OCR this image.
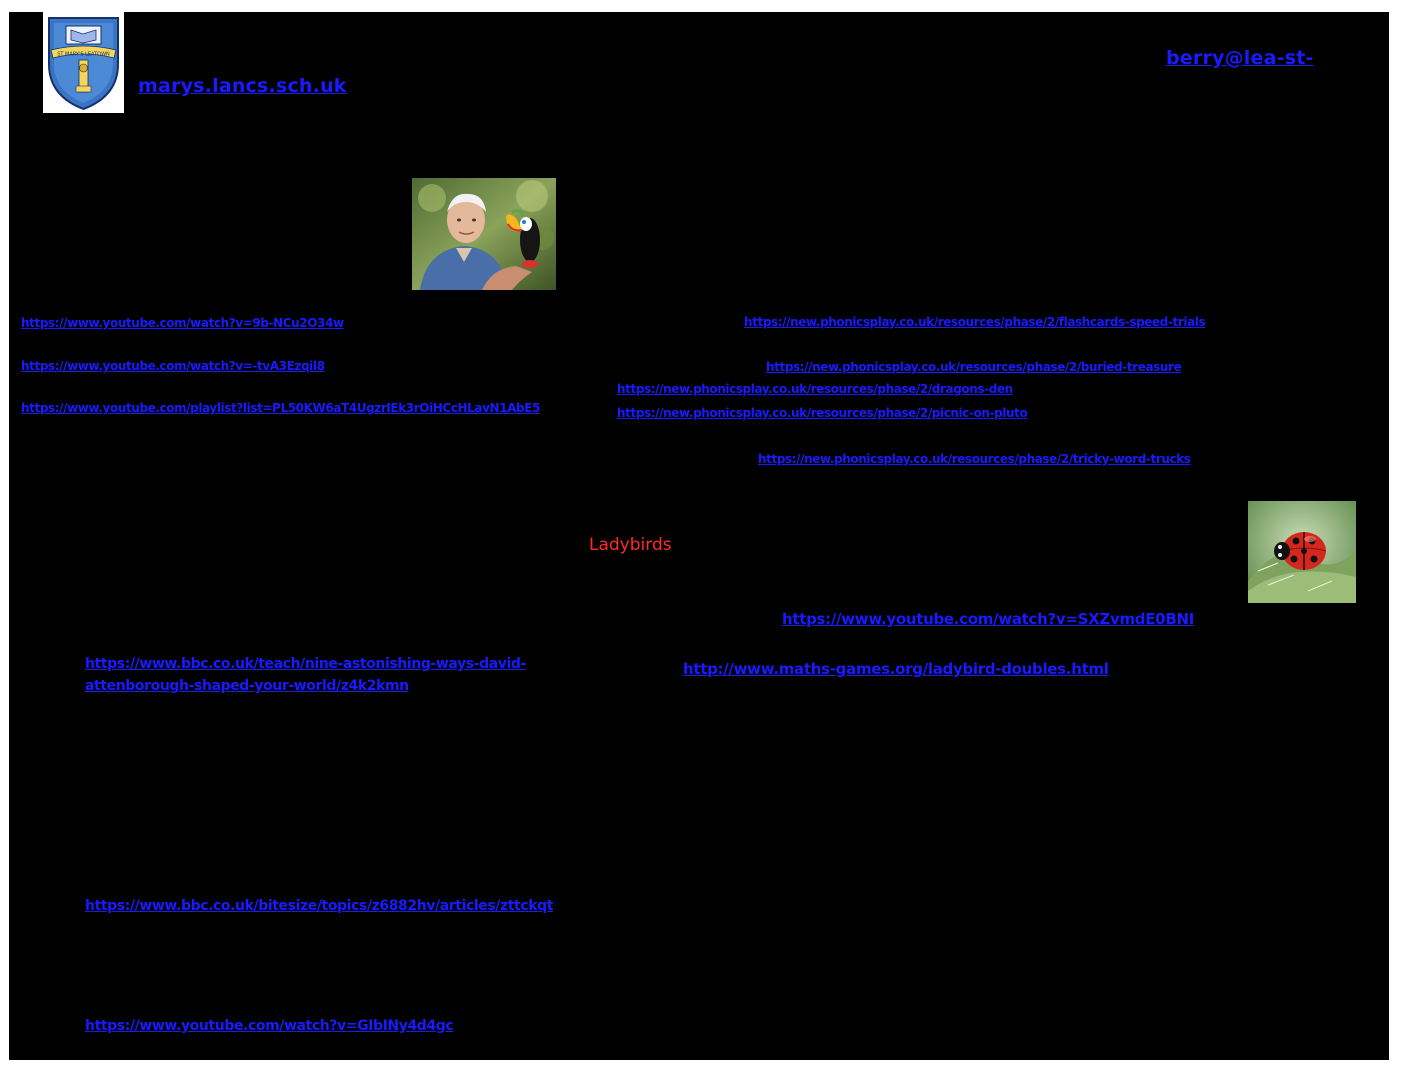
ST MARY'S LEATOWN	berry@lea-st-
marys.lancs.sch.uk
https://www.youtube.com/watch?v=9b-NCu2O34w
https://www.youtube.com/watch?v=-tvA3Ezqil8
https://www.youtube.com/playlist?list=PL50KW6aT4UgzrIEk3rOiHCcHLavN1AbE5
https://new.phonicsplay.co.uk/resources/phase/2/flashcards-speed-trials
https://new.phonicsplay.co.uk/resources/phase/2/buried-treasure
https://new.phonicsplay.co.uk/resources/phase/2/dragons-den
https://new.phonicsplay.co.uk/resources/phase/2/picnic-on-pluto
https://new.phonicsplay.co.uk/resources/phase/2/tricky-word-trucks
Ladybirds
https://www.youtube.com/watch?v=SXZvmdE0BNI
http://www.maths-games.org/ladybird-doubles.html
https://www.bbc.co.uk/teach/nine-astonishing-ways-david-
attenborough-shaped-your-world/z4k2kmn
https://www.bbc.co.uk/bitesize/topics/z6882hv/articles/zttckqt
https://www.youtube.com/watch?v=GIbINy4d4gc
